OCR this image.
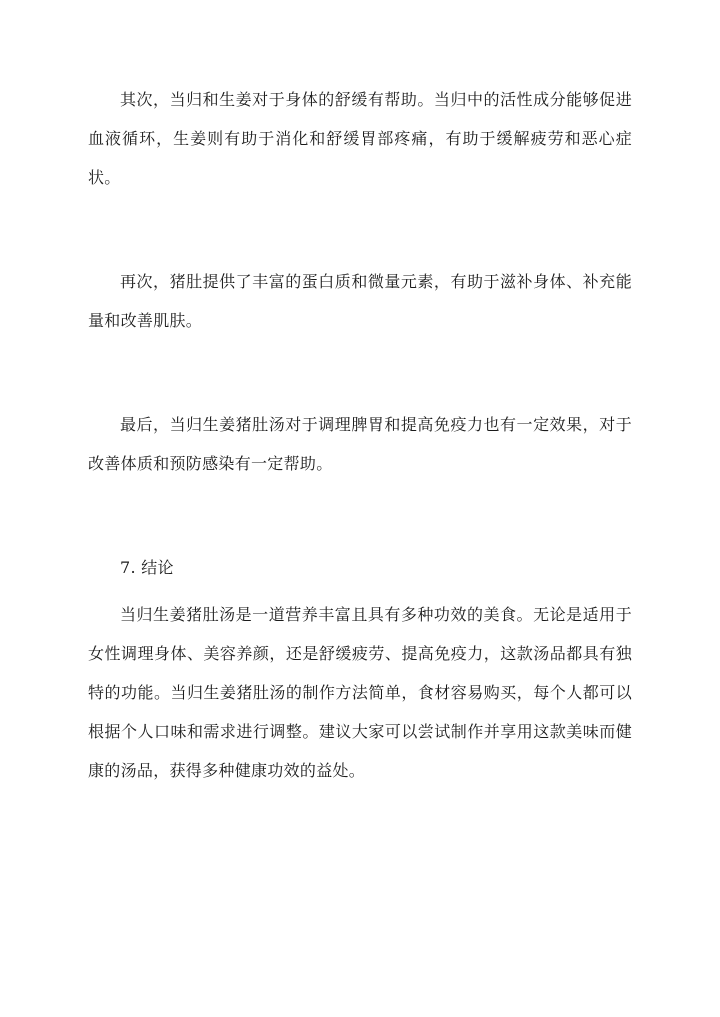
其次，当归和生姜对于身体的舒缓有帮助。当归中的活性成分能够促进血液循环，生姜则有助于消化和舒缓胃部疼痛，有助于缓解疲劳和恶心症状。

再次，猪肚提供了丰富的蛋白质和微量元素，有助于滋补身体、补充能量和改善肌肤。

最后，当归生姜猪肚汤对于调理脾胃和提高免疫力也有一定效果，对于改善体质和预防感染有一定帮助。

7. 结论

当归生姜猪肚汤是一道营养丰富且具有多种功效的美食。无论是适用于女性调理身体、美容养颜，还是舒缓疲劳、提高免疫力，这款汤品都具有独特的功能。当归生姜猪肚汤的制作方法简单，食材容易购买，每个人都可以根据个人口味和需求进行调整。建议大家可以尝试制作并享用这款美味而健康的汤品，获得多种健康功效的益处。
